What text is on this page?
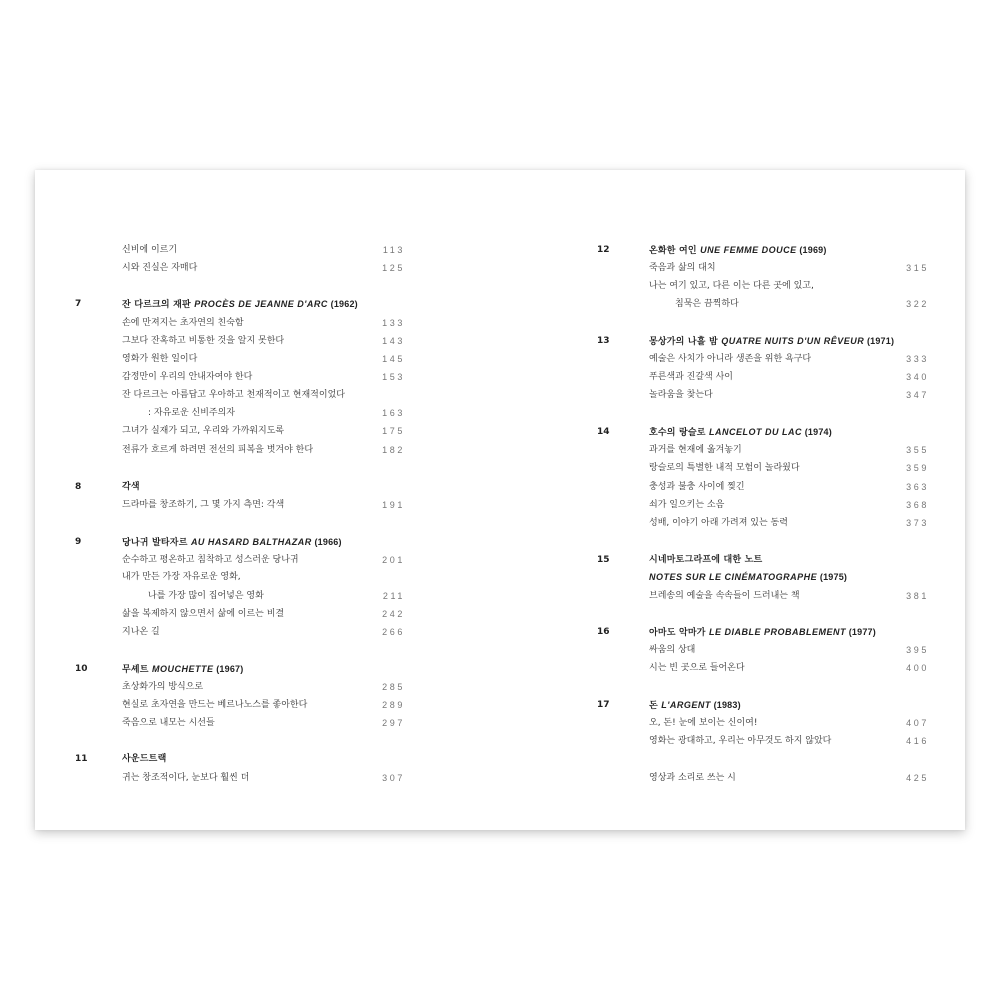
신비에 이르기	113
시와 진실은 자매다	125
7	잔 다르크의 재판 PROCÈS DE JEANNE D'ARC (1962)
손에 만져지는 초자연의 친숙함	133
그보다 잔혹하고 비통한 것을 알지 못한다	143
영화가 원한 일이다	145
감정만이 우리의 안내자여야 한다	153
잔 다르크는 아름답고 우아하고 천재적이고 현재적이었다
: 자유로운 신비주의자	163
그녀가 실재가 되고, 우리와 가까워지도록	175
전류가 흐르게 하려면 전선의 피복을 벗겨야 한다	182
8	각색
드라마를 창조하기, 그 몇 가지 측면: 각색	191
9	당나귀 발타자르 AU HASARD BALTHAZAR (1966)
순수하고 평온하고 침착하고 성스러운 당나귀	201
내가 만든 가장 자유로운 영화,
나를 가장 많이 집어넣은 영화	211
삶을 복제하지 않으면서 삶에 이르는 비결	242
지나온 길	266
10	무셰트 MOUCHETTE (1967)
초상화가의 방식으로	285
현실로 초자연을 만드는 베르나노스를 좋아한다	289
죽음으로 내모는 시선들	297
11	사운드트랙
귀는 창조적이다, 눈보다 훨씬 더	307
12	온화한 여인 UNE FEMME DOUCE (1969)
죽음과 삶의 대치	315
나는 여기 있고, 다른 이는 다른 곳에 있고,
침묵은 끔찍하다	322
13	몽상가의 나흘 밤 QUATRE NUITS D'UN RÊVEUR (1971)
예술은 사치가 아니라 생존을 위한 욕구다	333
푸른색과 진갈색 사이	340
놀라움을 찾는다	347
14	호수의 랑슬로 LANCELOT DU LAC (1974)
과거를 현재에 옮겨놓기	355
랑슬로의 특별한 내적 모험이 놀라웠다	359
충성과 불충 사이에 찢긴	363
쇠가 일으키는 소음	368
성배, 이야기 아래 가려져 있는 동력	373
15	시네마토그라프에 대한 노트
NOTES SUR LE CINÉMATOGRAPHE (1975)
브레송의 예술을 속속들이 드러내는 책	381
16	아마도 악마가 LE DIABLE PROBABLEMENT (1977)
싸움의 상대	395
시는 빈 곳으로 들어온다	400
17	돈 L'ARGENT (1983)
오, 돈! 눈에 보이는 신이여!	407
영화는 광대하고, 우리는 아무것도 하지 않았다	416
영상과 소리로 쓰는 시	425
